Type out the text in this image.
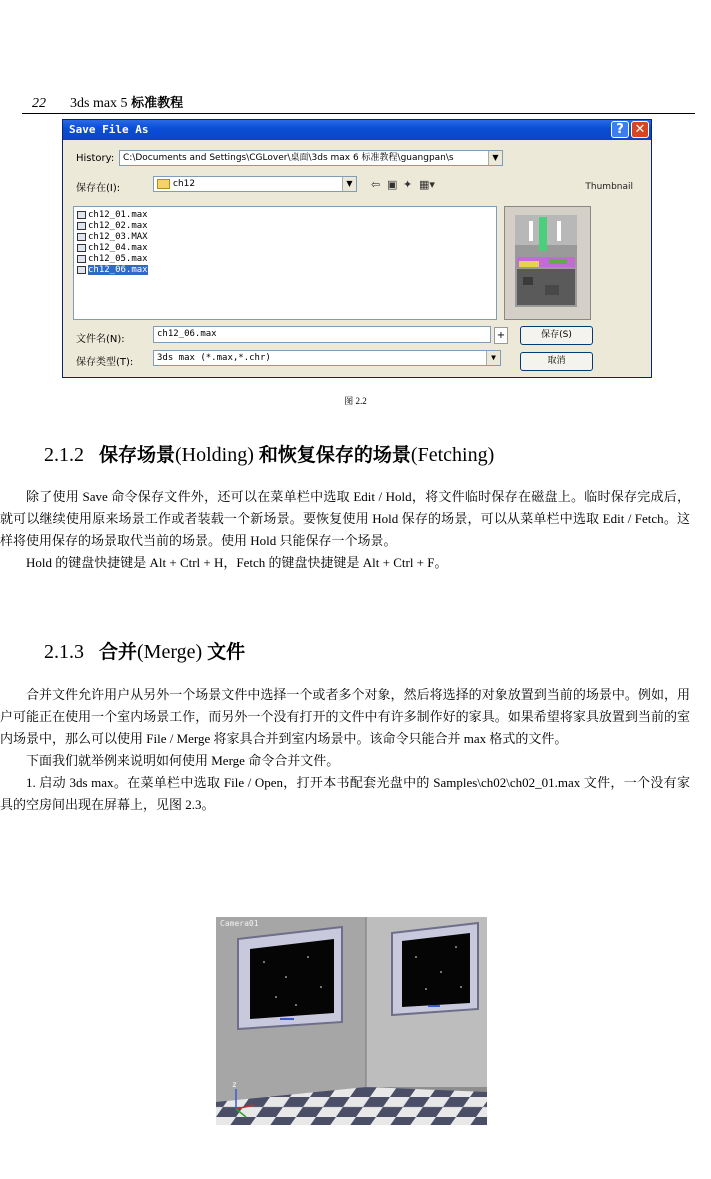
22 3ds max 5 标准教程
Save File As	? ✕
History: C:\Documents and Settings\CGLover\桌面\3ds max 6 标准教程\guangpan\s	▼
保存在(I):	ch12	▼	⇦ ▣ ✦ ▦▾	Thumbnail
ch12_01.max
ch12_02.max
ch12_03.MAX
ch12_04.max
ch12_05.max
ch12_06.max
文件名(N):	ch12_06.max	+	保存(S)
保存类型(T):	3ds max (*.max,*.chr)	▼	取消
图 2.2
2.1.2 保存场景(Holding) 和恢复保存的场景(Fetching)

除了使用 Save 命令保存文件外，还可以在菜单栏中选取 Edit / Hold，将文件临时保存在磁盘上。临时保存完成后，就可以继续使用原来场景工作或者装载一个新场景。要恢复使用 Hold 保存的场景，可以从菜单栏中选取 Edit / Fetch。这样将使用保存的场景取代当前的场景。使用 Hold 只能保存一个场景。

Hold 的键盘快捷键是 Alt + Ctrl + H，Fetch 的键盘快捷键是 Alt + Ctrl + F。

2.1.3 合并(Merge) 文件

合并文件允许用户从另外一个场景文件中选择一个或者多个对象，然后将选择的对象放置到当前的场景中。例如，用户可能正在使用一个室内场景工作，而另外一个没有打开的文件中有许多制作好的家具。如果希望将家具放置到当前的室内场景中，那么可以使用 File / Merge 将家具合并到室内场景中。该命令只能合并 max 格式的文件。

下面我们就举例来说明如何使用 Merge 命令合并文件。

1. 启动 3ds max。在菜单栏中选取 File / Open，打开本书配套光盘中的 Samples\ch02\ch02_01.max 文件，一个没有家具的空房间出现在屏幕上，见图 2.3。

z
Camera01
